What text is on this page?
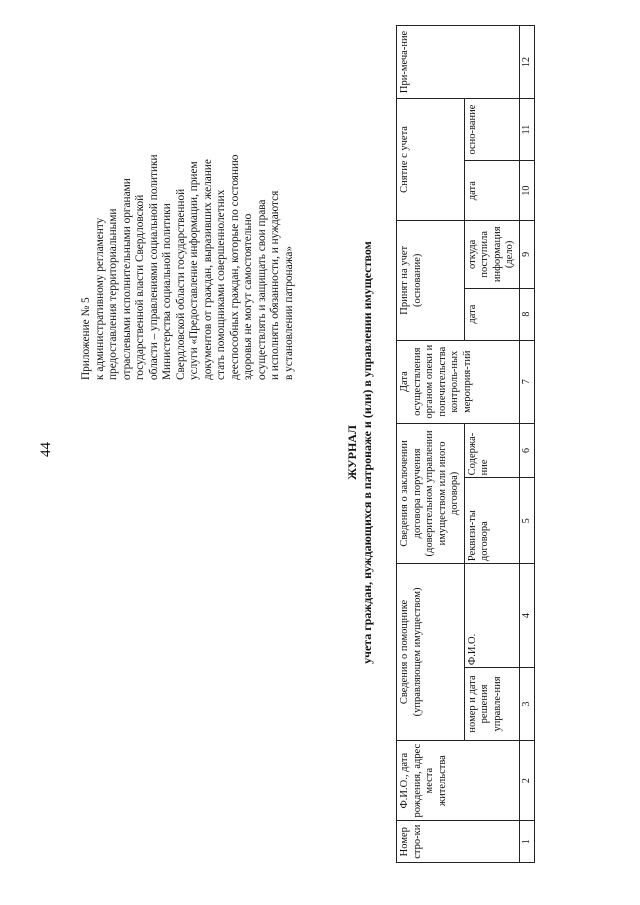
44
Приложение № 5 к административному регламенту предоставления территориальными отраслевыми исполнительными органами государственной власти Свердловской области – управлениями социальной политики Министерства социальной политики Свердловской области государственной услуги «Предоставление информации, прием документов от граждан, выразивших желание стать помощниками совершеннолетних дееспособных граждан, которые по состоянию здоровья не могут самостоятельно осуществлять и защищать свои права и исполнять обязанности, и нуждаются в установлении патронажа»
ЖУРНАЛ учета граждан, нуждающихся в патронаже и (или) в управлении имуществом
Номер стро-ки	Ф.И.О., дата рождения, адрес места жительства	Сведения о помощнике (управляющем имуществом)		Сведения о заключении договора поручения (доверительном управлении имуществом или иного договора)		Дата осуществления органом опеки и попечительства контроль-ных мероприя-тий	Принят на учет (основание)		Снятие с учета		При-меча-ние
		номер и дата решения управле-ния	Ф.И.О.	Реквизи-ты договора	Содержа-ние		дата	откуда поступила информация (дело)	дата	осно-вание	
1	2	3	4	5	6	7	8	9	10	11	12
